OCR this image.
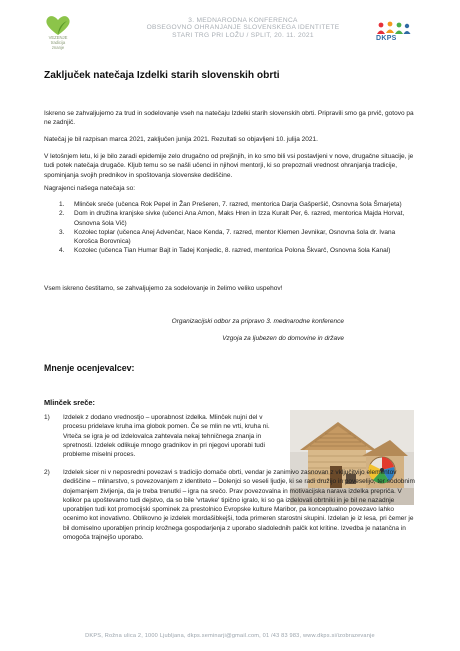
VEZENJE
tradicija
znanje
3. MEDNARODNA KONFERENCA
OBSEGOVNO OHRANJANJE SLOVENSKEGA IDENTITETE
STARI TRG PRI LOŽU / SPLIT, 20. 11. 2021	DKPS
Zaključek natečaja Izdelki starih slovenskih obrti
Iskreno se zahvaljujemo za trud in sodelovanje vseh na natečaju Izdelki starih slovenskih obrti. Pripravili smo ga prvič, gotovo pa ne zadnjič.
Natečaj je bil razpisan marca 2021, zaključen junija 2021. Rezultati so objavljeni 10. julija 2021.
V letošnjem letu, ki je bilo zaradi epidemije zelo drugačno od prejšnjih, in ko smo bili vsi postavljeni v nove, drugačne situacije, je tudi potek natečaja drugače. Kljub temu so se našli učenci in njihovi mentorji, ki so prepoznali vrednost ohranjanja tradicije, spominjanja svojih prednikov in spoštovanja slovenske dediščine.
Nagrajenci našega natečaja so:
1. Mlinček sreče (učenca Rok Pepel in Žan Prešeren, 7. razred, mentorica Darja Gašperšič, Osnovna šola Šmarjeta)
2. Dom in družina kranjske sivke (učenci Ana Amon, Maks Hren in Izza Kuralt Per, 6. razred, mentorica Majda Horvat, Osnovna šola Vič)
3. Kozolec toplar (učenca Anej Advenčar, Nace Kenda, 7. razred, mentor Klemen Jevnikar, Osnovna šola dr. Ivana Korošca Borovnica)
4. Kozolec (učenca Tian Humar Bajt in Tadej Konjedic, 8. razred, mentorica Polona Škvarč, Osnovna šola Kanal)
Vsem iskreno čestitamo, se zahvaljujemo za sodelovanje in želimo veliko uspehov!
Organizacijski odbor za pripravo 3. mednarodne konference
Vzgoja za ljubezen do domovine in države
Mnenje ocenjevalcev:
Mlinček sreče:
1) Izdelek z dodano vrednostjo – uporabnost izdelka. Mlinček nujni del v procesu pridelave kruha ima globok pomen. Če se mlin ne vrti, kruha ni. Vrteča se igra je od izdelovalca zahtevala nekaj tehničnega znanja in spretnosti. Izdelek odlikuje mnogo gradnikov in pri njegovi uporabi tudi probleme miselni proces.
2) Izdelek sicer ni v neposredni povezavi s tradicijo domače obrti, vendar je zanimivo zasnovan z vključitvijo elementov dediščine – mlinarstvo, s povezovanjem z identiteto – Dolenjci so veseli ljudje, ki se radi družijo in poveselijo, ter sodobnim dojemanjem življenja, da je treba trenutki – igra na srečo. Prav povezovalna in motivacijska narava izdelka prepriča. V kolikor pa upoštevamo tudi dejstvo, da so bile 'vrtavke' tipično igralo, ki so ga izdelovali obrtniki in je bil ne nazadnje uporabljen tudi kot promocijski spominek za prestolnico Evropske kulture Maribor, pa konceptualno povezavo lahko ocenimo kot inovativno. Oblikovno je izdelek mordašibkejši, toda primeren starostni skupini. Izdelan je iz lesa, pri čemer je bil domiselno uporabljen princip krožnega gospodarjenja z uporabo sladolednih palčk kot kritine. Izvedba je natančna in omogoča trajnejšo uporabo.
DKPS, Rožna ulica 2, 1000 Ljubljana, dkps.seminarji@gmail.com, 01 /43 83 983, www.dkps.si/izobrazevanje
